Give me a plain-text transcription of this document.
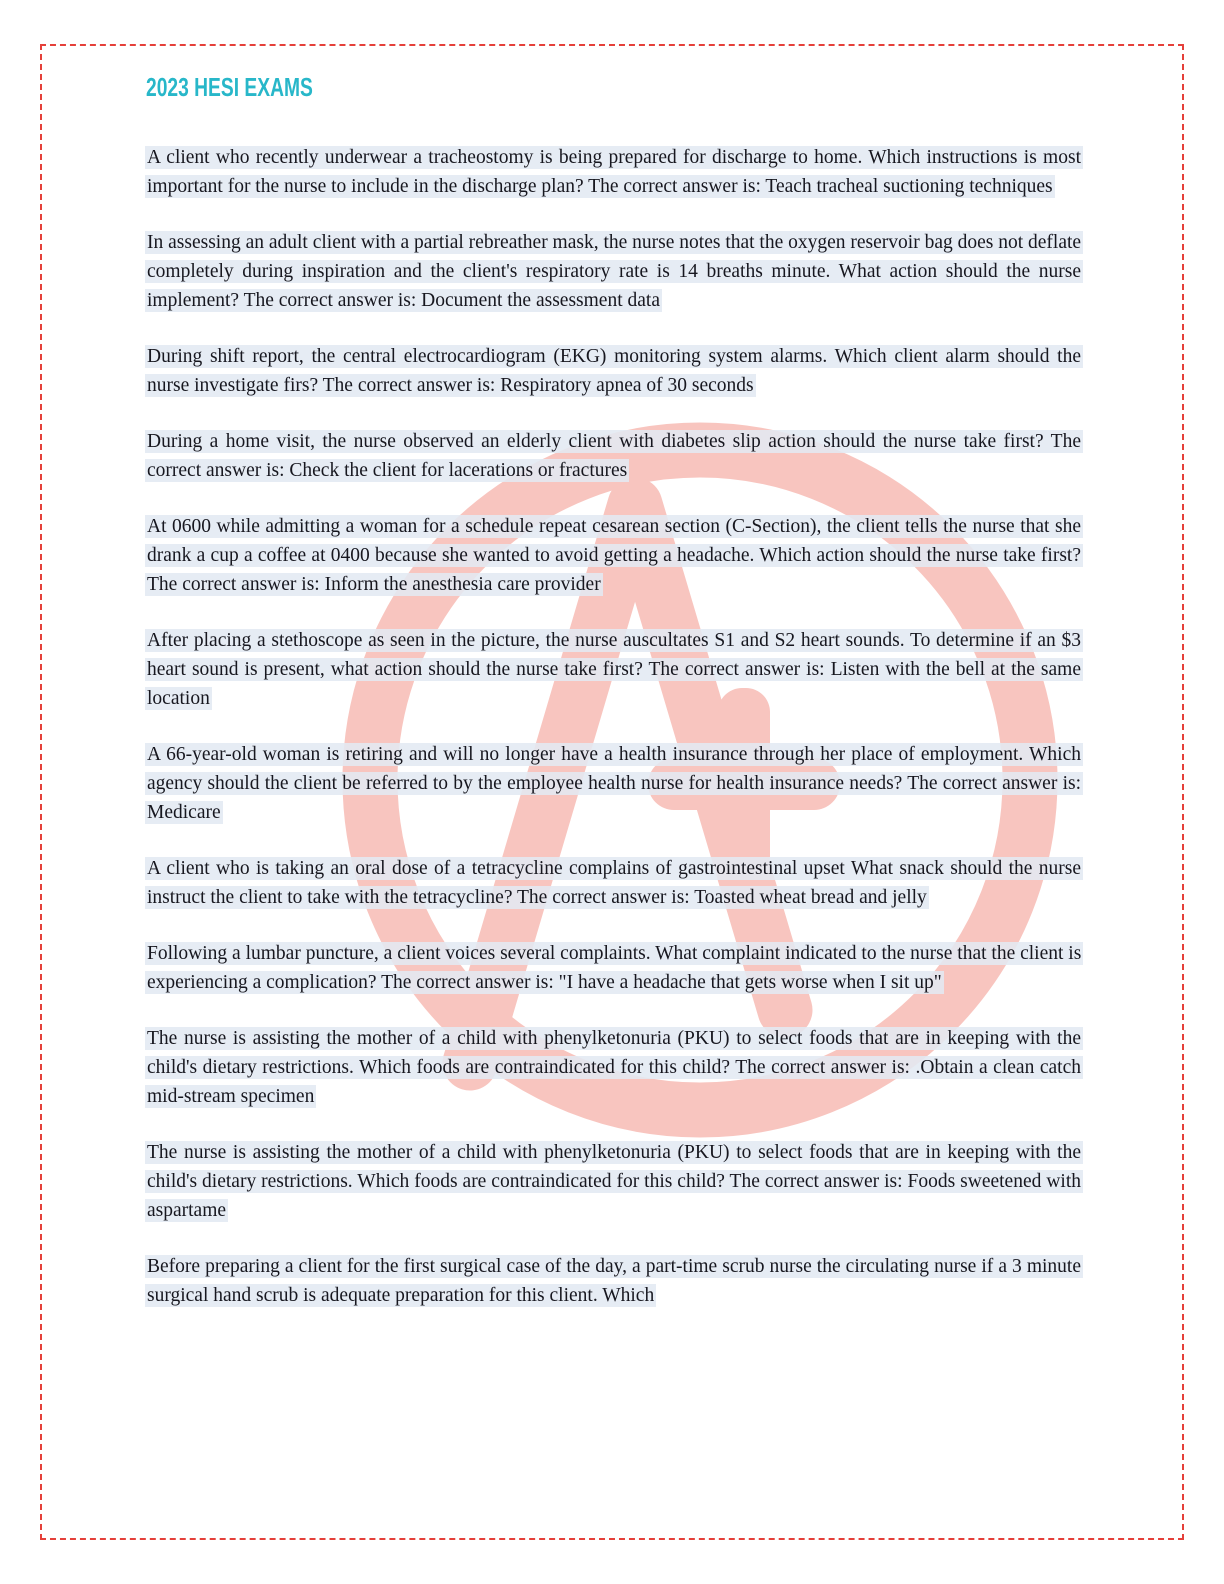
2023 HESI EXAMS

A client who recently underwear a tracheostomy is being prepared for discharge to home. Which instructions is most important for the nurse to include in the discharge plan? The correct answer is: Teach tracheal suctioning techniques

In assessing an adult client with a partial rebreather mask, the nurse notes that the oxygen reservoir bag does not deflate completely during inspiration and the client's respiratory rate is 14 breaths minute. What action should the nurse implement? The correct answer is: Document the assessment data

During shift report, the central electrocardiogram (EKG) monitoring system alarms. Which client alarm should the nurse investigate firs? The correct answer is: Respiratory apnea of 30 seconds

During a home visit, the nurse observed an elderly client with diabetes slip action should the nurse take first? The correct answer is: Check the client for lacerations or fractures

At 0600 while admitting a woman for a schedule repeat cesarean section (C-Section), the client tells the nurse that she drank a cup a coffee at 0400 because she wanted to avoid getting a headache. Which action should the nurse take first? The correct answer is: Inform the anesthesia care provider

After placing a stethoscope as seen in the picture, the nurse auscultates S1 and S2 heart sounds. To determine if an $3 heart sound is present, what action should the nurse take first? The correct answer is: Listen with the bell at the same location

A 66-year-old woman is retiring and will no longer have a health insurance through her place of employment. Which agency should the client be referred to by the employee health nurse for health insurance needs? The correct answer is: Medicare

A client who is taking an oral dose of a tetracycline complains of gastrointestinal upset What snack should the nurse instruct the client to take with the tetracycline? The correct answer is: Toasted wheat bread and jelly

Following a lumbar puncture, a client voices several complaints. What complaint indicated to the nurse that the client is experiencing a complication? The correct answer is: "I have a headache that gets worse when I sit up"

The nurse is assisting the mother of a child with phenylketonuria (PKU) to select foods that are in keeping with the child's dietary restrictions. Which foods are contraindicated for this child? The correct answer is: .Obtain a clean catch mid-stream specimen

The nurse is assisting the mother of a child with phenylketonuria (PKU) to select foods that are in keeping with the child's dietary restrictions. Which foods are contraindicated for this child? The correct answer is: Foods sweetened with aspartame

Before preparing a client for the first surgical case of the day, a part-time scrub nurse the circulating nurse if a 3 minute surgical hand scrub is adequate preparation for this client. Which
